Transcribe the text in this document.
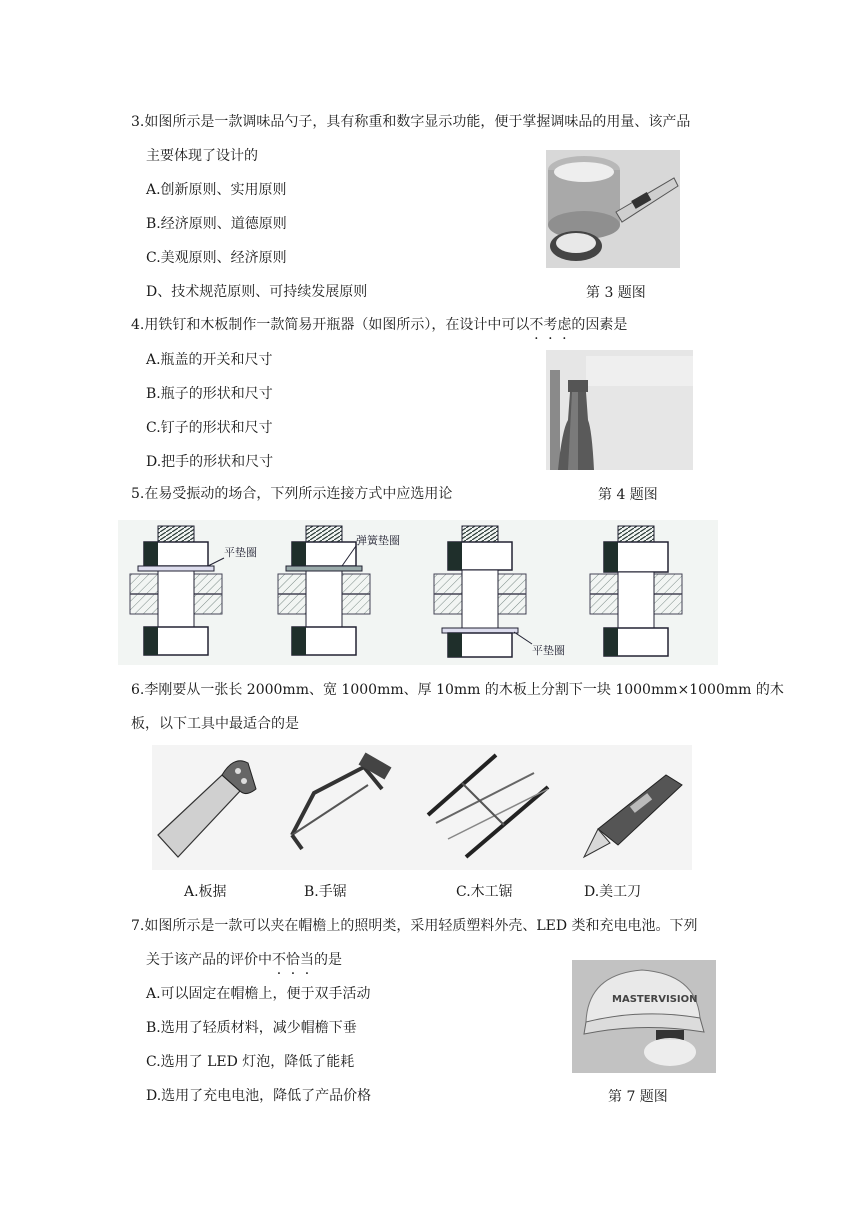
3.如图所示是一款调味品勺子，具有称重和数字显示功能，便于掌握调味品的用量、该产品
主要体现了设计的
A.创新原则、实用原则
B.经济原则、道德原则
C.美观原则、经济原则
D、技术规范原则、可持续发展原则	第 3 题图
4.用铁钉和木板制作一款简易开瓶器（如图所示），在设计中可以不考虑的因素是
A.瓶盖的开关和尺寸
B.瓶子的形状和尺寸
C.钉子的形状和尺寸
D.把手的形状和尺寸
第 4 题图
5.在易受振动的场合，下列所示连接方式中应选用论
平垫圈
弹簧垫圈
平垫圈
6.李刚要从一张长 2000mm、宽 1000mm、厚 10mm 的木板上分割下一块 1000mm×1000mm 的木
板，以下工具中最适合的是
A.板据	B.手锯	C.木工锯	D.美工刀
7.如图所示是一款可以夹在帽檐上的照明类，采用轻质塑料外壳、LED 类和充电电池。下列
关于该产品的评价中不恰当的是
A.可以固定在帽檐上，便于双手活动
B.选用了轻质材料，减少帽檐下垂
C.选用了 LED 灯泡，降低了能耗
D.选用了充电电池，降低了产品价格
MASTERVISION
第 7 题图
